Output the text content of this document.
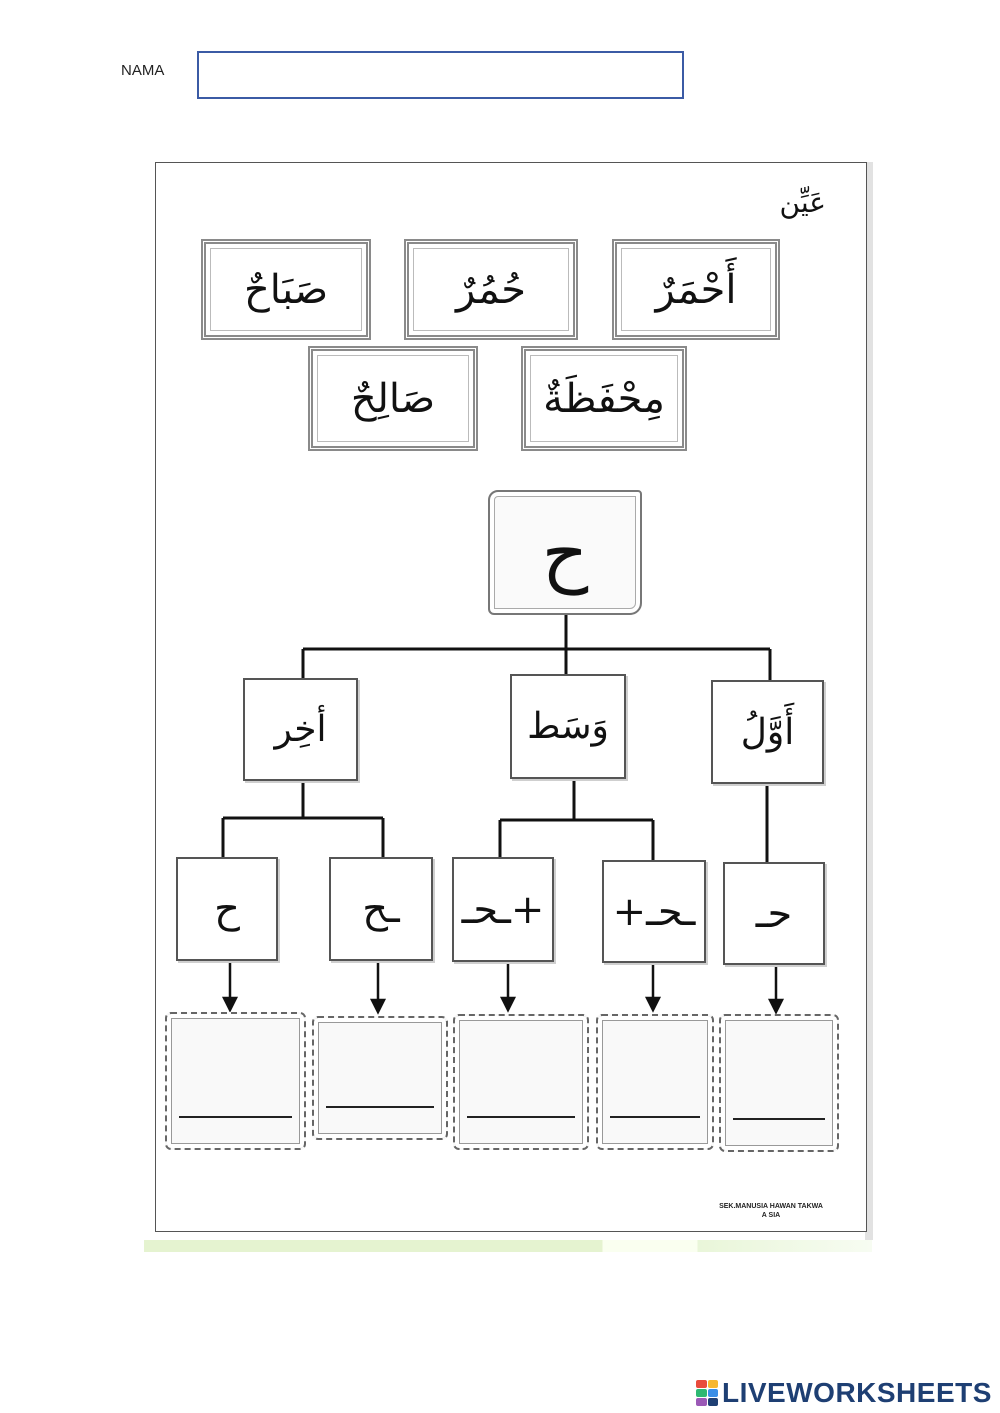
NAMA
عَيِّن
صَبَاحٌ	حُمُرٌ	أَحْمَرٌ
صَالِحٌ	مِحْفَظَةٌ
ح
أخِر	وَسَط	أَوَّلُ
ح	ـح +ـحـ ـحـ+ حـ
SEK.MANUSIA HAWAN TAKWA
A SIA
LIVEWORKSHEETS
